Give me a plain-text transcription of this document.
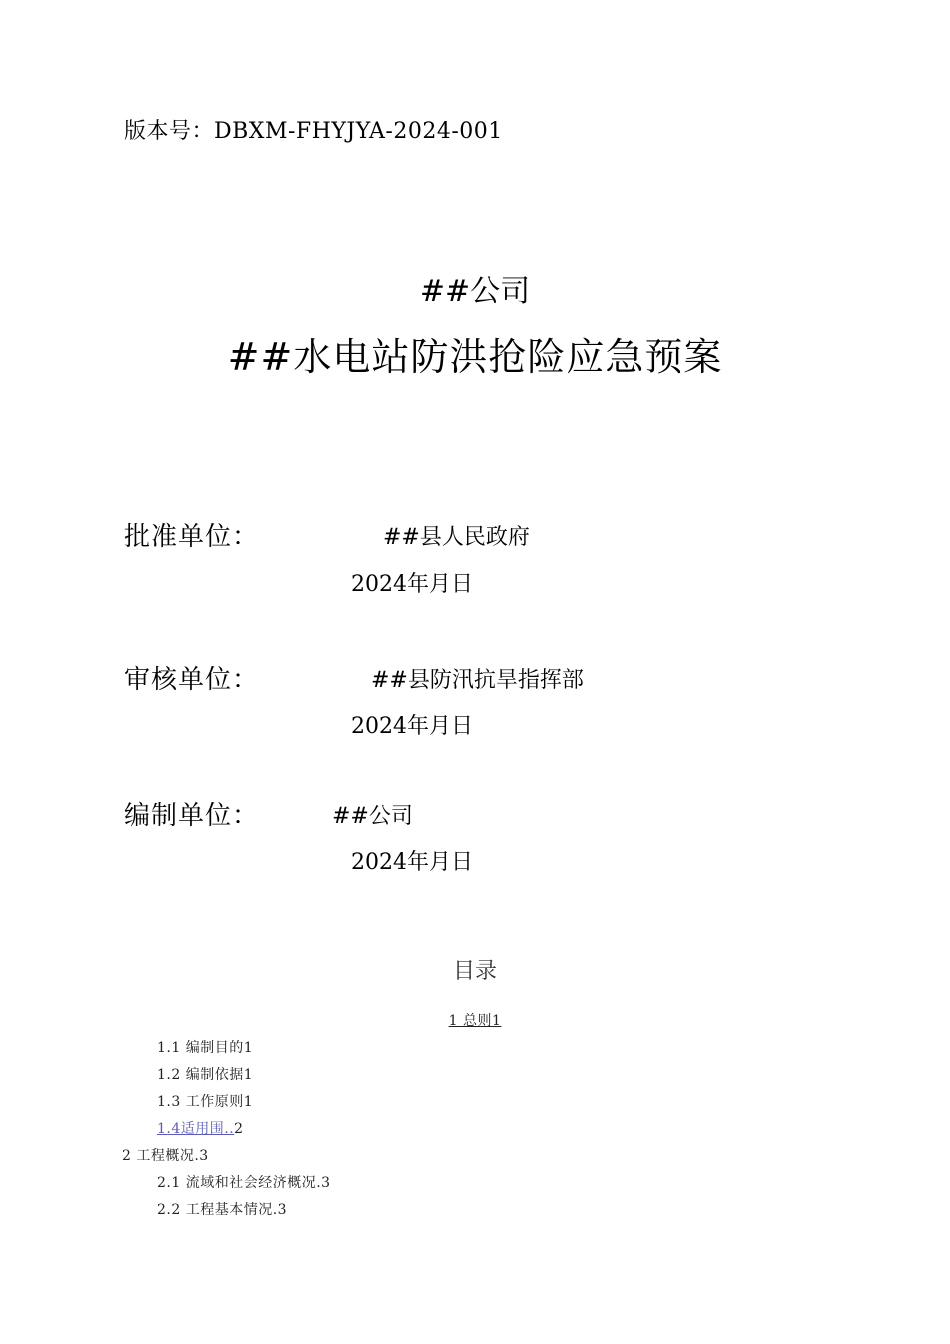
版本号：DBXM-FHYJYA-2024-001
##公司
##水电站防洪抢险应急预案
批准单位：	##县人民政府
2024年月日
审核单位：	##县防汛抗旱指挥部
2024年月日
编制单位：	##公司
2024年月日
目录
1 总则1
1.1 编制目的1
1.2 编制依据1
1.3 工作原则1
1.4适用围..2
2 工程概况.3
2.1 流域和社会经济概况.3
2.2 工程基本情况.3
